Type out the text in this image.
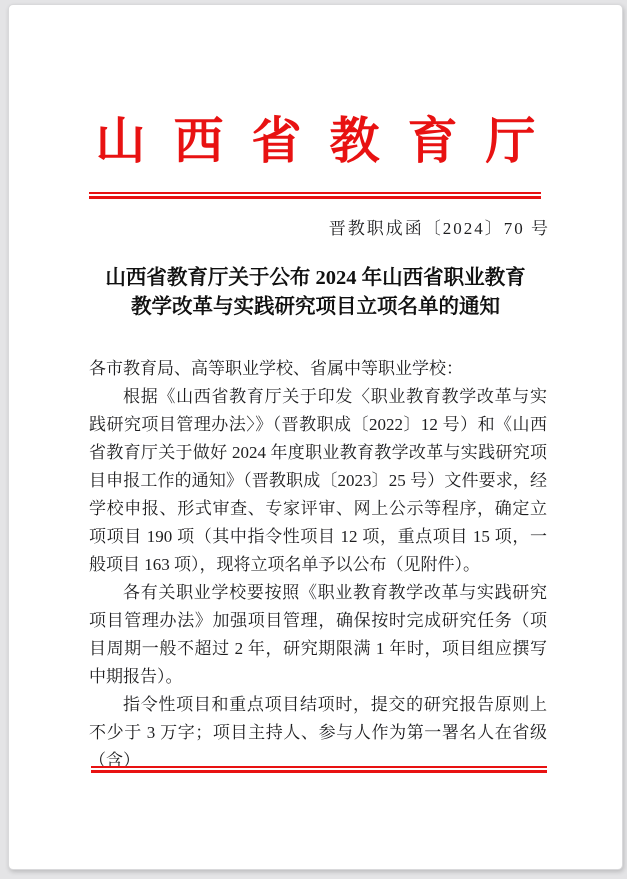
山西省教育厅
晋教职成函〔2024〕70 号
山西省教育厅关于公布 2024 年山西省职业教育
教学改革与实践研究项目立项名单的通知

各市教育局、高等职业学校、省属中等职业学校：

根据《山西省教育厅关于印发〈职业教育教学改革与实践研究项目管理办法〉》（晋教职成〔2022〕12 号）和《山西省教育厅关于做好 2024 年度职业教育教学改革与实践研究项目申报工作的通知》（晋教职成〔2023〕25 号）文件要求，经学校申报、形式审查、专家评审、网上公示等程序，确定立项项目 190 项（其中指令性项目 12 项，重点项目 15 项，一般项目 163 项），现将立项名单予以公布（见附件）。

各有关职业学校要按照《职业教育教学改革与实践研究项目管理办法》加强项目管理，确保按时完成研究任务（项目周期一般不超过 2 年，研究期限满 1 年时，项目组应撰写中期报告）。

指令性项目和重点项目结项时，提交的研究报告原则上不少于 3 万字；项目主持人、参与人作为第一署名人在省级（含）
